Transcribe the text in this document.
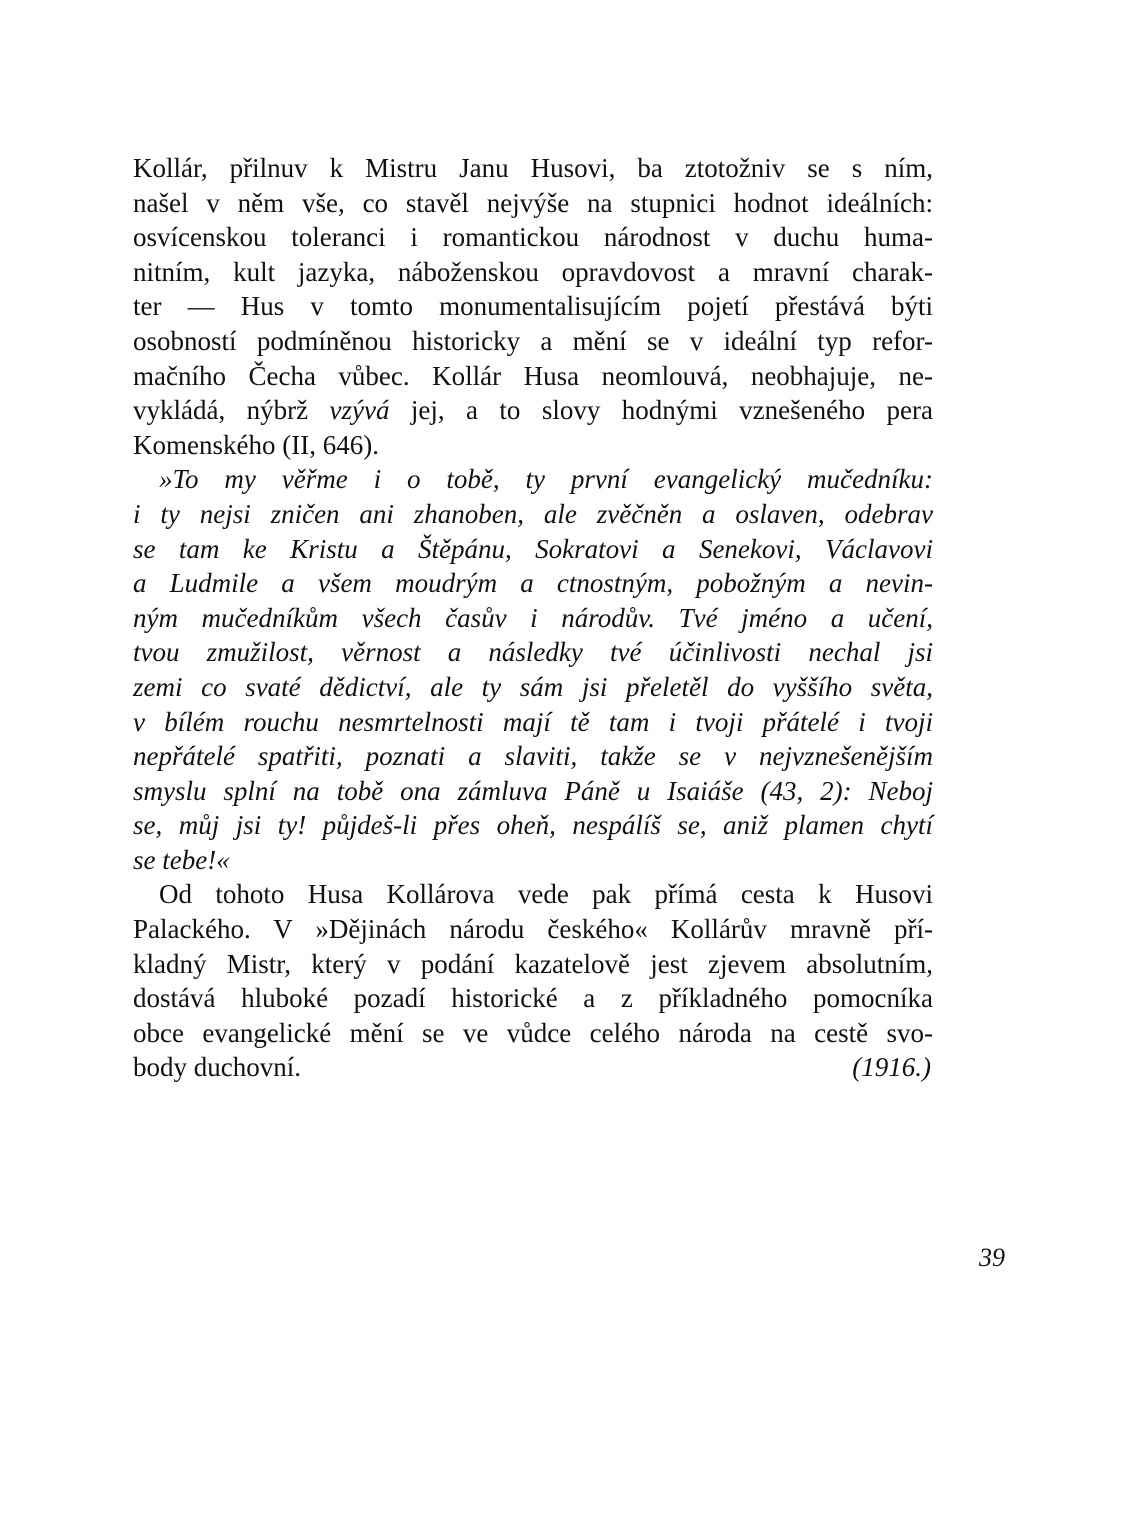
Kollár, přilnuv k Mistru Janu Husovi, ba ztotožniv se s ním,
našel v něm vše, co stavěl nejvýše na stupnici hodnot ideálních:
osvícenskou toleranci i romantickou národnost v duchu huma-
nitním, kult jazyka, náboženskou opravdovost a mravní charak-
ter — Hus v tomto monumentalisujícím pojetí přestává býti
osobností podmíněnou historicky a mění se v ideální typ refor-
mačního Čecha vůbec. Kollár Husa neomlouvá, neobhajuje, ne-
vykládá, nýbrž vzývá jej, a to slovy hodnými vznešeného pera
Komenského (II, 646).
»To my věřme i o tobě, ty první evangelický mučedníku:
i ty nejsi zničen ani zhanoben, ale zvěčněn a oslaven, odebrav
se tam ke Kristu a Štěpánu, Sokratovi a Senekovi, Václavovi
a Ludmile a všem moudrým a ctnostným, pobožným a nevin-
ným mučedníkům všech časův i národův. Tvé jméno a učení,
tvou zmužilost, věrnost a následky tvé účinlivosti nechal jsi
zemi co svaté dědictví, ale ty sám jsi přeletěl do vyššího světa,
v bílém rouchu nesmrtelnosti mají tě tam i tvoji přátelé i tvoji
nepřátelé spatřiti, poznati a slaviti, takže se v nejvznešenějším
smyslu splní na tobě ona zámluva Páně u Isaiáše (43, 2): Neboj
se, můj jsi ty! půjdeš-li přes oheň, nespálíš se, aniž plamen chytí
se tebe!«
Od tohoto Husa Kollárova vede pak přímá cesta k Husovi
Palackého. V »Dějinách národu českého« Kollárův mravně pří-
kladný Mistr, který v podání kazatelově jest zjevem absolutním,
dostává hluboké pozadí historické a z příkladného pomocníka
obce evangelické mění se ve vůdce celého národa na cestě svo-
body duchovní.	(1916.)
39
